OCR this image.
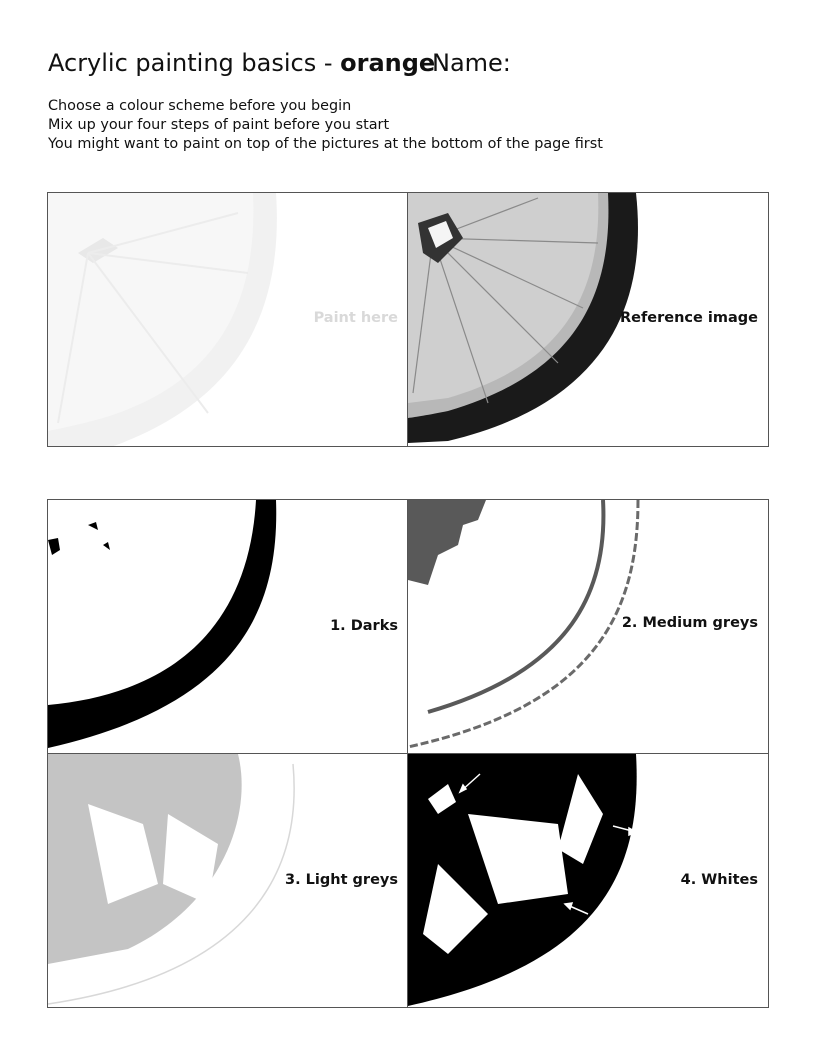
Acrylic painting basics - orange
Name:
Choose a colour scheme before you begin
Mix up your four steps of paint before you start
You might want to paint on top of the pictures at the bottom of the page first
Paint here	Reference image
1. Darks	2. Medium greys
3. Light greys	4. Whites
